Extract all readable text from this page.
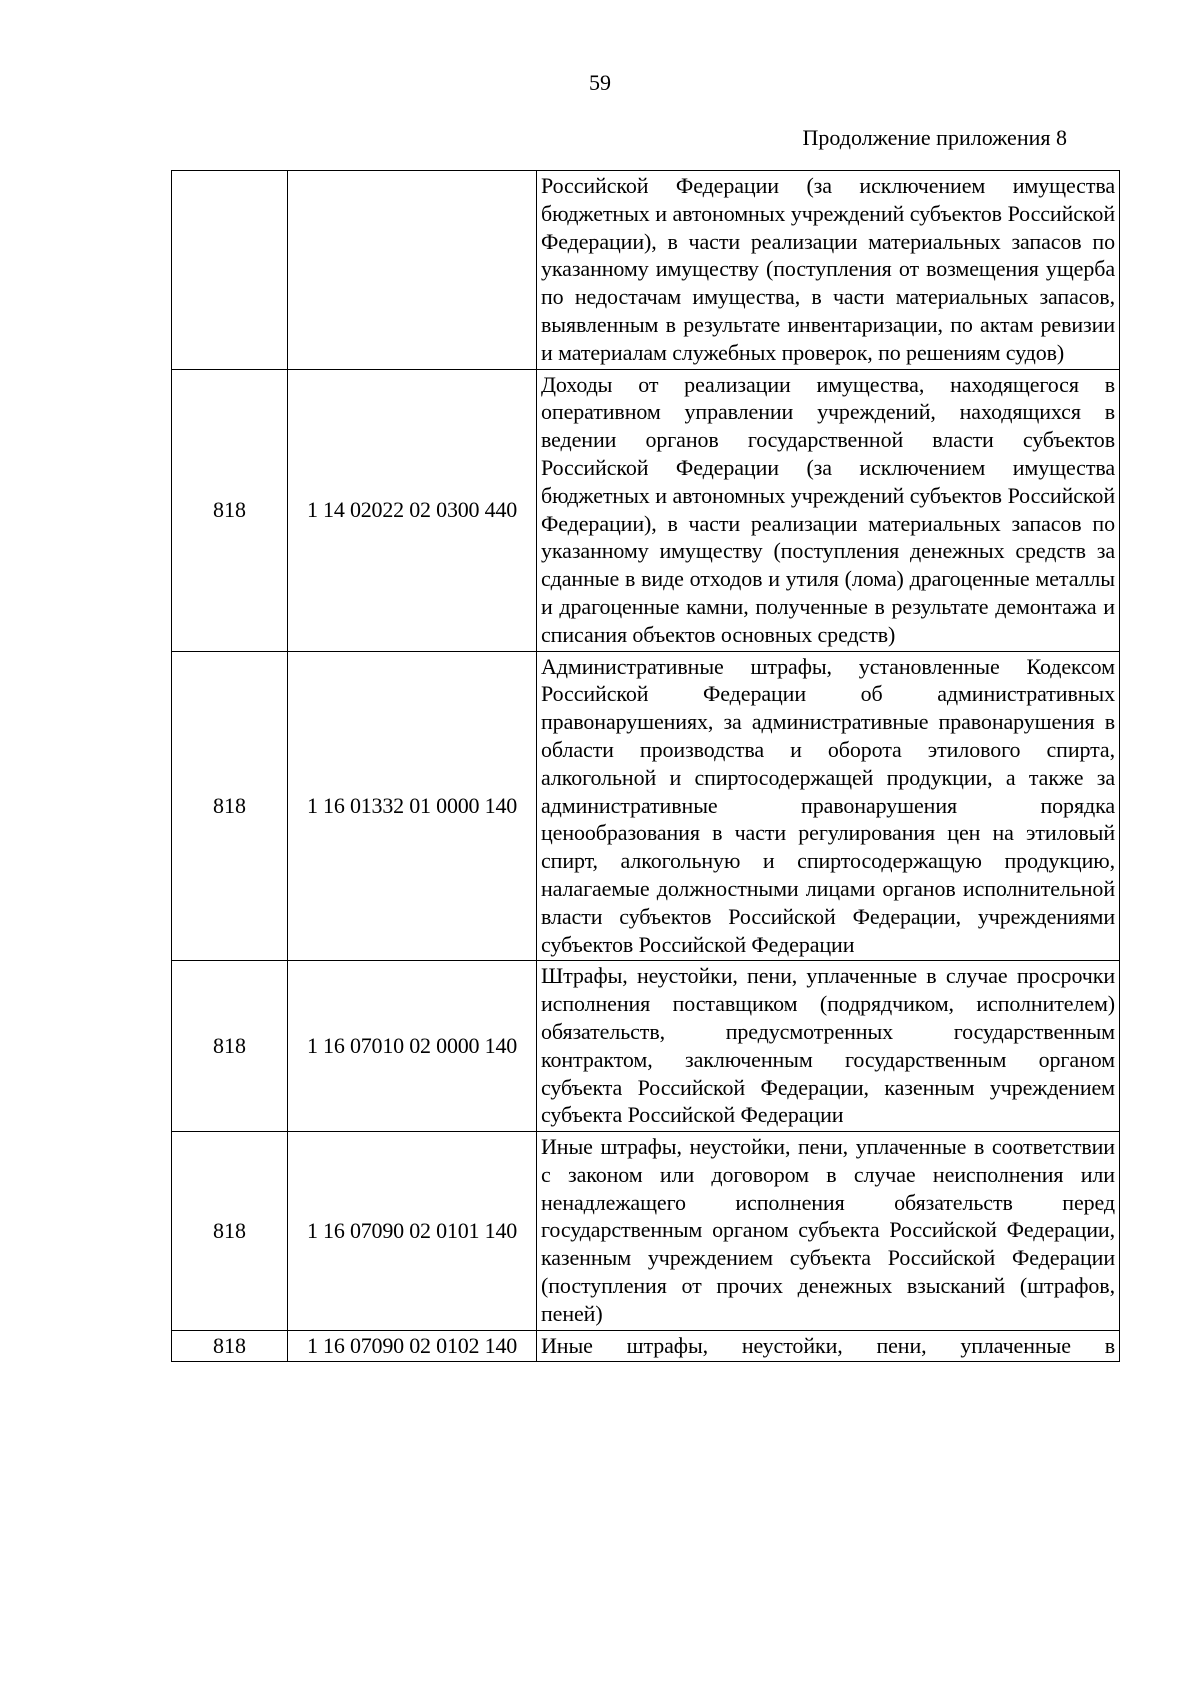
59
Продолжение приложения 8
		Российской Федерации (за исключением имущества бюджетных и автономных учреждений субъектов Российской Федерации), в части реализации материальных запасов по указанному имуществу (поступления от возмещения ущерба по недостачам имущества, в части материальных запасов, выявленным в результате инвентаризации, по актам ревизии и материалам служебных проверок, по решениям судов)
818	1 14 02022 02 0300 440	Доходы от реализации имущества, находящегося в оперативном управлении учреждений, находящихся в ведении органов государственной власти субъектов Российской Федерации (за исключением имущества бюджетных и автономных учреждений субъектов Российской Федерации), в части реализации материальных запасов по указанному имуществу (поступления денежных средств за сданные в виде отходов и утиля (лома) драгоценные металлы и драгоценные камни, полученные в результате демонтажа и списания объектов основных средств)
818	1 16 01332 01 0000 140	Административные штрафы, установленные Кодексом Российской Федерации об административных правонарушениях, за административные правонарушения в области производства и оборота этилового спирта, алкогольной и спиртосодержащей продукции, а также за административные правонарушения порядка ценообразования в части регулирования цен на этиловый спирт, алкогольную и спиртосодержащую продукцию, налагаемые должностными лицами органов исполнительной власти субъектов Российской Федерации, учреждениями субъектов Российской Федерации
818	1 16 07010 02 0000 140	Штрафы, неустойки, пени, уплаченные в случае просрочки исполнения поставщиком (подрядчиком, исполнителем) обязательств, предусмотренных государственным контрактом, заключенным государственным органом субъекта Российской Федерации, казенным учреждением субъекта Российской Федерации
818	1 16 07090 02 0101 140	Иные штрафы, неустойки, пени, уплаченные в соответствии с законом или договором в случае неисполнения или ненадлежащего исполнения обязательств перед государственным органом субъекта Российской Федерации, казенным учреждением субъекта Российской Федерации (поступления от прочих денежных взысканий (штрафов, пеней)
818	1 16 07090 02 0102 140	Иные штрафы, неустойки, пени, уплаченные в
